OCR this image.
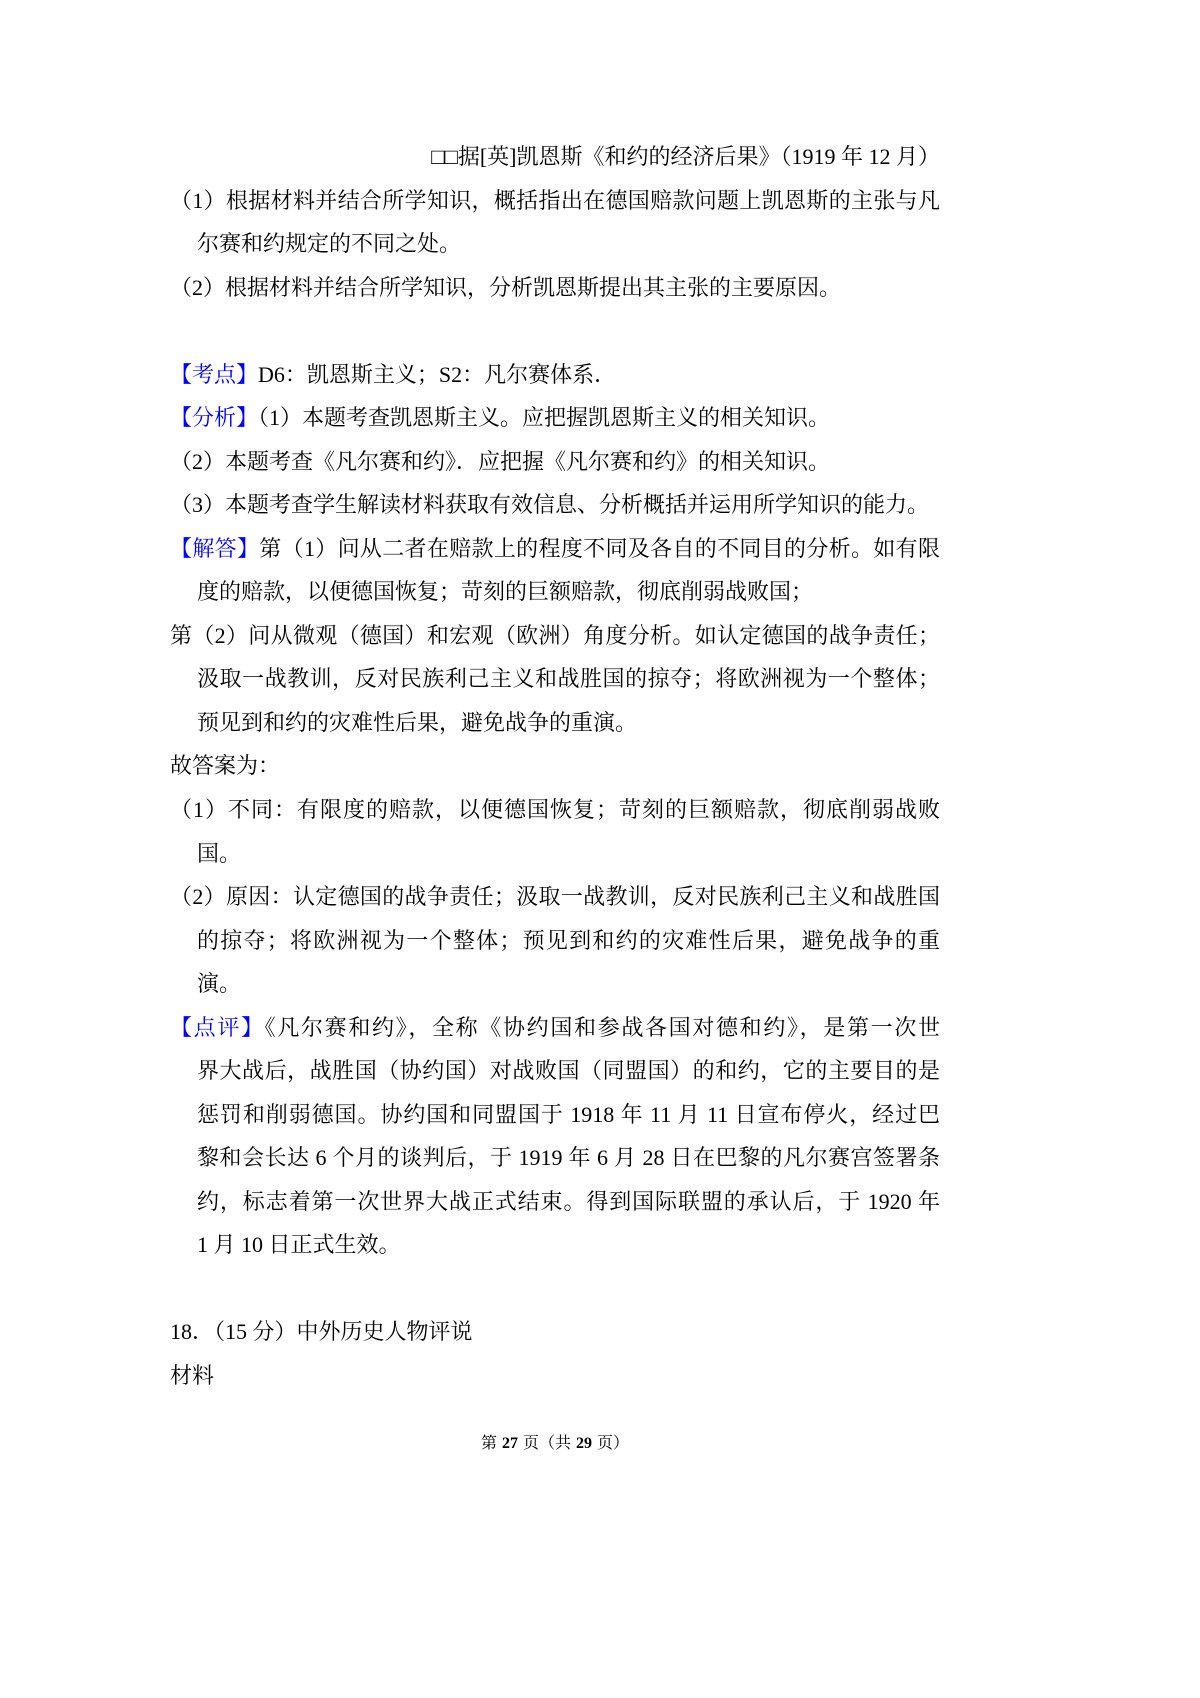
□□据[英]凯恩斯《和约的经济后果》（1919 年 12 月）
（1）根据材料并结合所学知识，概括指出在德国赔款问题上凯恩斯的主张与凡
尔赛和约规定的不同之处。
（2）根据材料并结合所学知识，分析凯恩斯提出其主张的主要原因。
【考点】D6：凯恩斯主义；S2：凡尔赛体系．
【分析】（1）本题考查凯恩斯主义。应把握凯恩斯主义的相关知识。
（2）本题考查《凡尔赛和约》．应把握《凡尔赛和约》的相关知识。
（3）本题考查学生解读材料获取有效信息、分析概括并运用所学知识的能力。
【解答】第（1）问从二者在赔款上的程度不同及各自的不同目的分析。如有限
度的赔款，以便德国恢复；苛刻的巨额赔款，彻底削弱战败国；
第（2）问从微观（德国）和宏观（欧洲）角度分析。如认定德国的战争责任；
汲取一战教训，反对民族利己主义和战胜国的掠夺；将欧洲视为一个整体；
预见到和约的灾难性后果，避免战争的重演。
故答案为：
（1）不同：有限度的赔款，以便德国恢复；苛刻的巨额赔款，彻底削弱战败
国。
（2）原因：认定德国的战争责任；汲取一战教训，反对民族利己主义和战胜国
的掠夺；将欧洲视为一个整体；预见到和约的灾难性后果，避免战争的重
演。
【点评】《凡尔赛和约》，全称《协约国和参战各国对德和约》，是第一次世
界大战后，战胜国（协约国）对战败国（同盟国）的和约，它的主要目的是
惩罚和削弱德国。协约国和同盟国于 1918 年 11 月 11 日宣布停火，经过巴
黎和会长达 6 个月的谈判后，于 1919 年 6 月 28 日在巴黎的凡尔赛宫签署条
约，标志着第一次世界大战正式结束。得到国际联盟的承认后，于 1920 年
1 月 10 日正式生效。
18．（15 分）中外历史人物评说
材料
第 27 页（共 29 页）
